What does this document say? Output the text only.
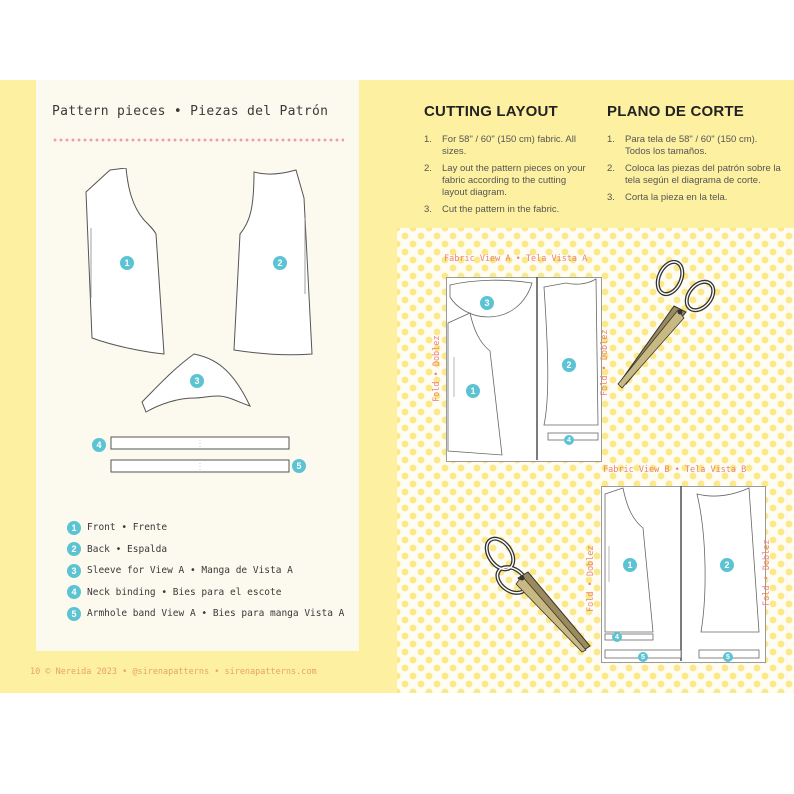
Pattern pieces • Piezas del Patrón
1	2
3
4
5
1	Front • Frente
2	Back • Espalda
3	Sleeve for View A • Manga de Vista A
4	Neck binding • Bies para el escote
5	Armhole band View A • Bies para manga Vista A
10 © Nereida 2023 • @sirenapatterns • sirenapatterns.com
CUTTING LAYOUT
1.	For 58" / 60" (150 cm) fabric. All sizes.
2.	Lay out the pattern pieces on your fabric according to the cutting layout diagram.
3.	Cut the pattern in the fabric.
PLANO DE CORTE
1.	Para tela de 58" / 60" (150 cm). Todos los tamaños.
2.	Coloca las piezas del patrón sobre la tela según el diagrama de corte.
3.	Corta la pieza en la tela.
Fabric View A • Tela Vista A
Fold • Doblez
3
1
2
4
Fold • Doblez
Fabric View B • Tela Vista B
Fold • Doblez	Fold • Doblez
1	2
4
5	5
